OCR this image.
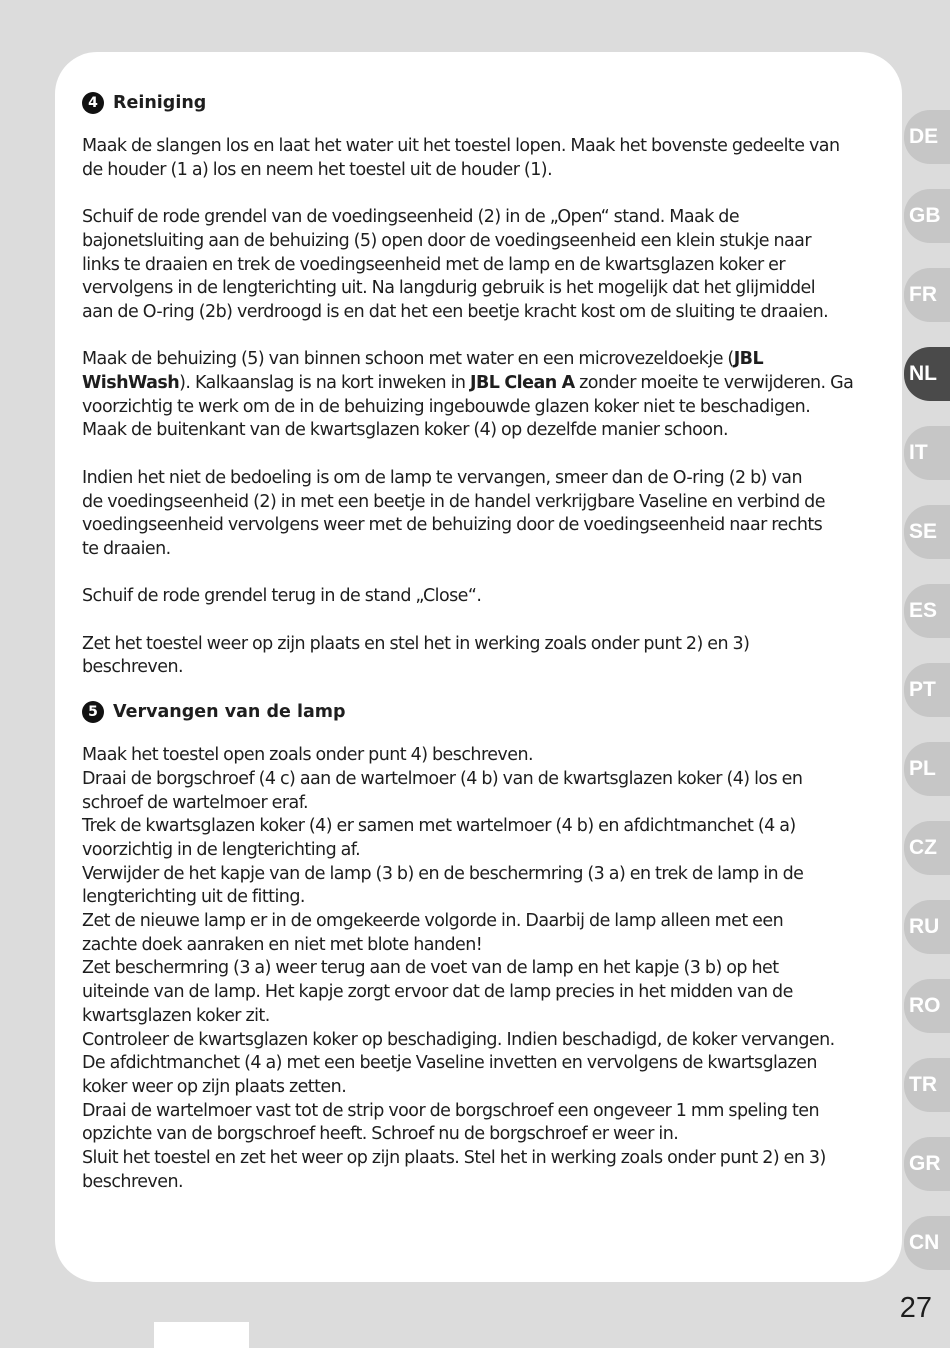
4 Reiniging

Maak de slangen los en laat het water uit het toestel lopen. Maak het bovenste gedeelte van
de houder (1 a) los en neem het toestel uit de houder (1).

Schuif de rode grendel van de voedingseenheid (2) in de „Open“ stand. Maak de
bajonetsluiting aan de behuizing (5) open door de voedingseenheid een klein stukje naar
links te draaien en trek de voedingseenheid met de lamp en de kwartsglazen koker er
vervolgens in de lengterichting uit. Na langdurig gebruik is het mogelijk dat het glijmiddel
aan de O-ring (2b) verdroogd is en dat het een beetje kracht kost om de sluiting te draaien.

Maak de behuizing (5) van binnen schoon met water en een microvezeldoekje (JBL
WishWash). Kalkaanslag is na kort inweken in JBL Clean A zonder moeite te verwijderen. Ga
voorzichtig te werk om de in de behuizing ingebouwde glazen koker niet te beschadigen.
Maak de buitenkant van de kwartsglazen koker (4) op dezelfde manier schoon.

Indien het niet de bedoeling is om de lamp te vervangen, smeer dan de O-ring (2 b) van
de voedingseenheid (2) in met een beetje in de handel verkrijgbare Vaseline en verbind de
voedingseenheid vervolgens weer met de behuizing door de voedingseenheid naar rechts
te draaien.

Schuif de rode grendel terug in de stand „Close“.

Zet het toestel weer op zijn plaats en stel het in werking zoals onder punt 2) en 3)
beschreven.

5 Vervangen van de lamp

Maak het toestel open zoals onder punt 4) beschreven.
Draai de borgschroef (4 c) aan de wartelmoer (4 b) van de kwartsglazen koker (4) los en
schroef de wartelmoer eraf.
Trek de kwartsglazen koker (4) er samen met wartelmoer (4 b) en afdichtmanchet (4 a)
voorzichtig in de lengterichting af.
Verwijder de het kapje van de lamp (3 b) en de beschermring (3 a) en trek de lamp in de
lengterichting uit de fitting.
Zet de nieuwe lamp er in de omgekeerde volgorde in. Daarbij de lamp alleen met een
zachte doek aanraken en niet met blote handen!
Zet beschermring (3 a) weer terug aan de voet van de lamp en het kapje (3 b) op het
uiteinde van de lamp. Het kapje zorgt ervoor dat de lamp precies in het midden van de
kwartsglazen koker zit.
Controleer de kwartsglazen koker op beschadiging. Indien beschadigd, de koker vervangen.
De afdichtmanchet (4 a) met een beetje Vaseline invetten en vervolgens de kwartsglazen
koker weer op zijn plaats zetten.
Draai de wartelmoer vast tot de strip voor de borgschroef een ongeveer 1 mm speling ten
opzichte van de borgschroef heeft. Schroef nu de borgschroef er weer in.
Sluit het toestel en zet het weer op zijn plaats. Stel het in werking zoals onder punt 2) en 3)
beschreven.

DE
GB
FR
NL
IT
SE
ES
PT
PL
CZ
RU
RO
TR
GR
CN
27
